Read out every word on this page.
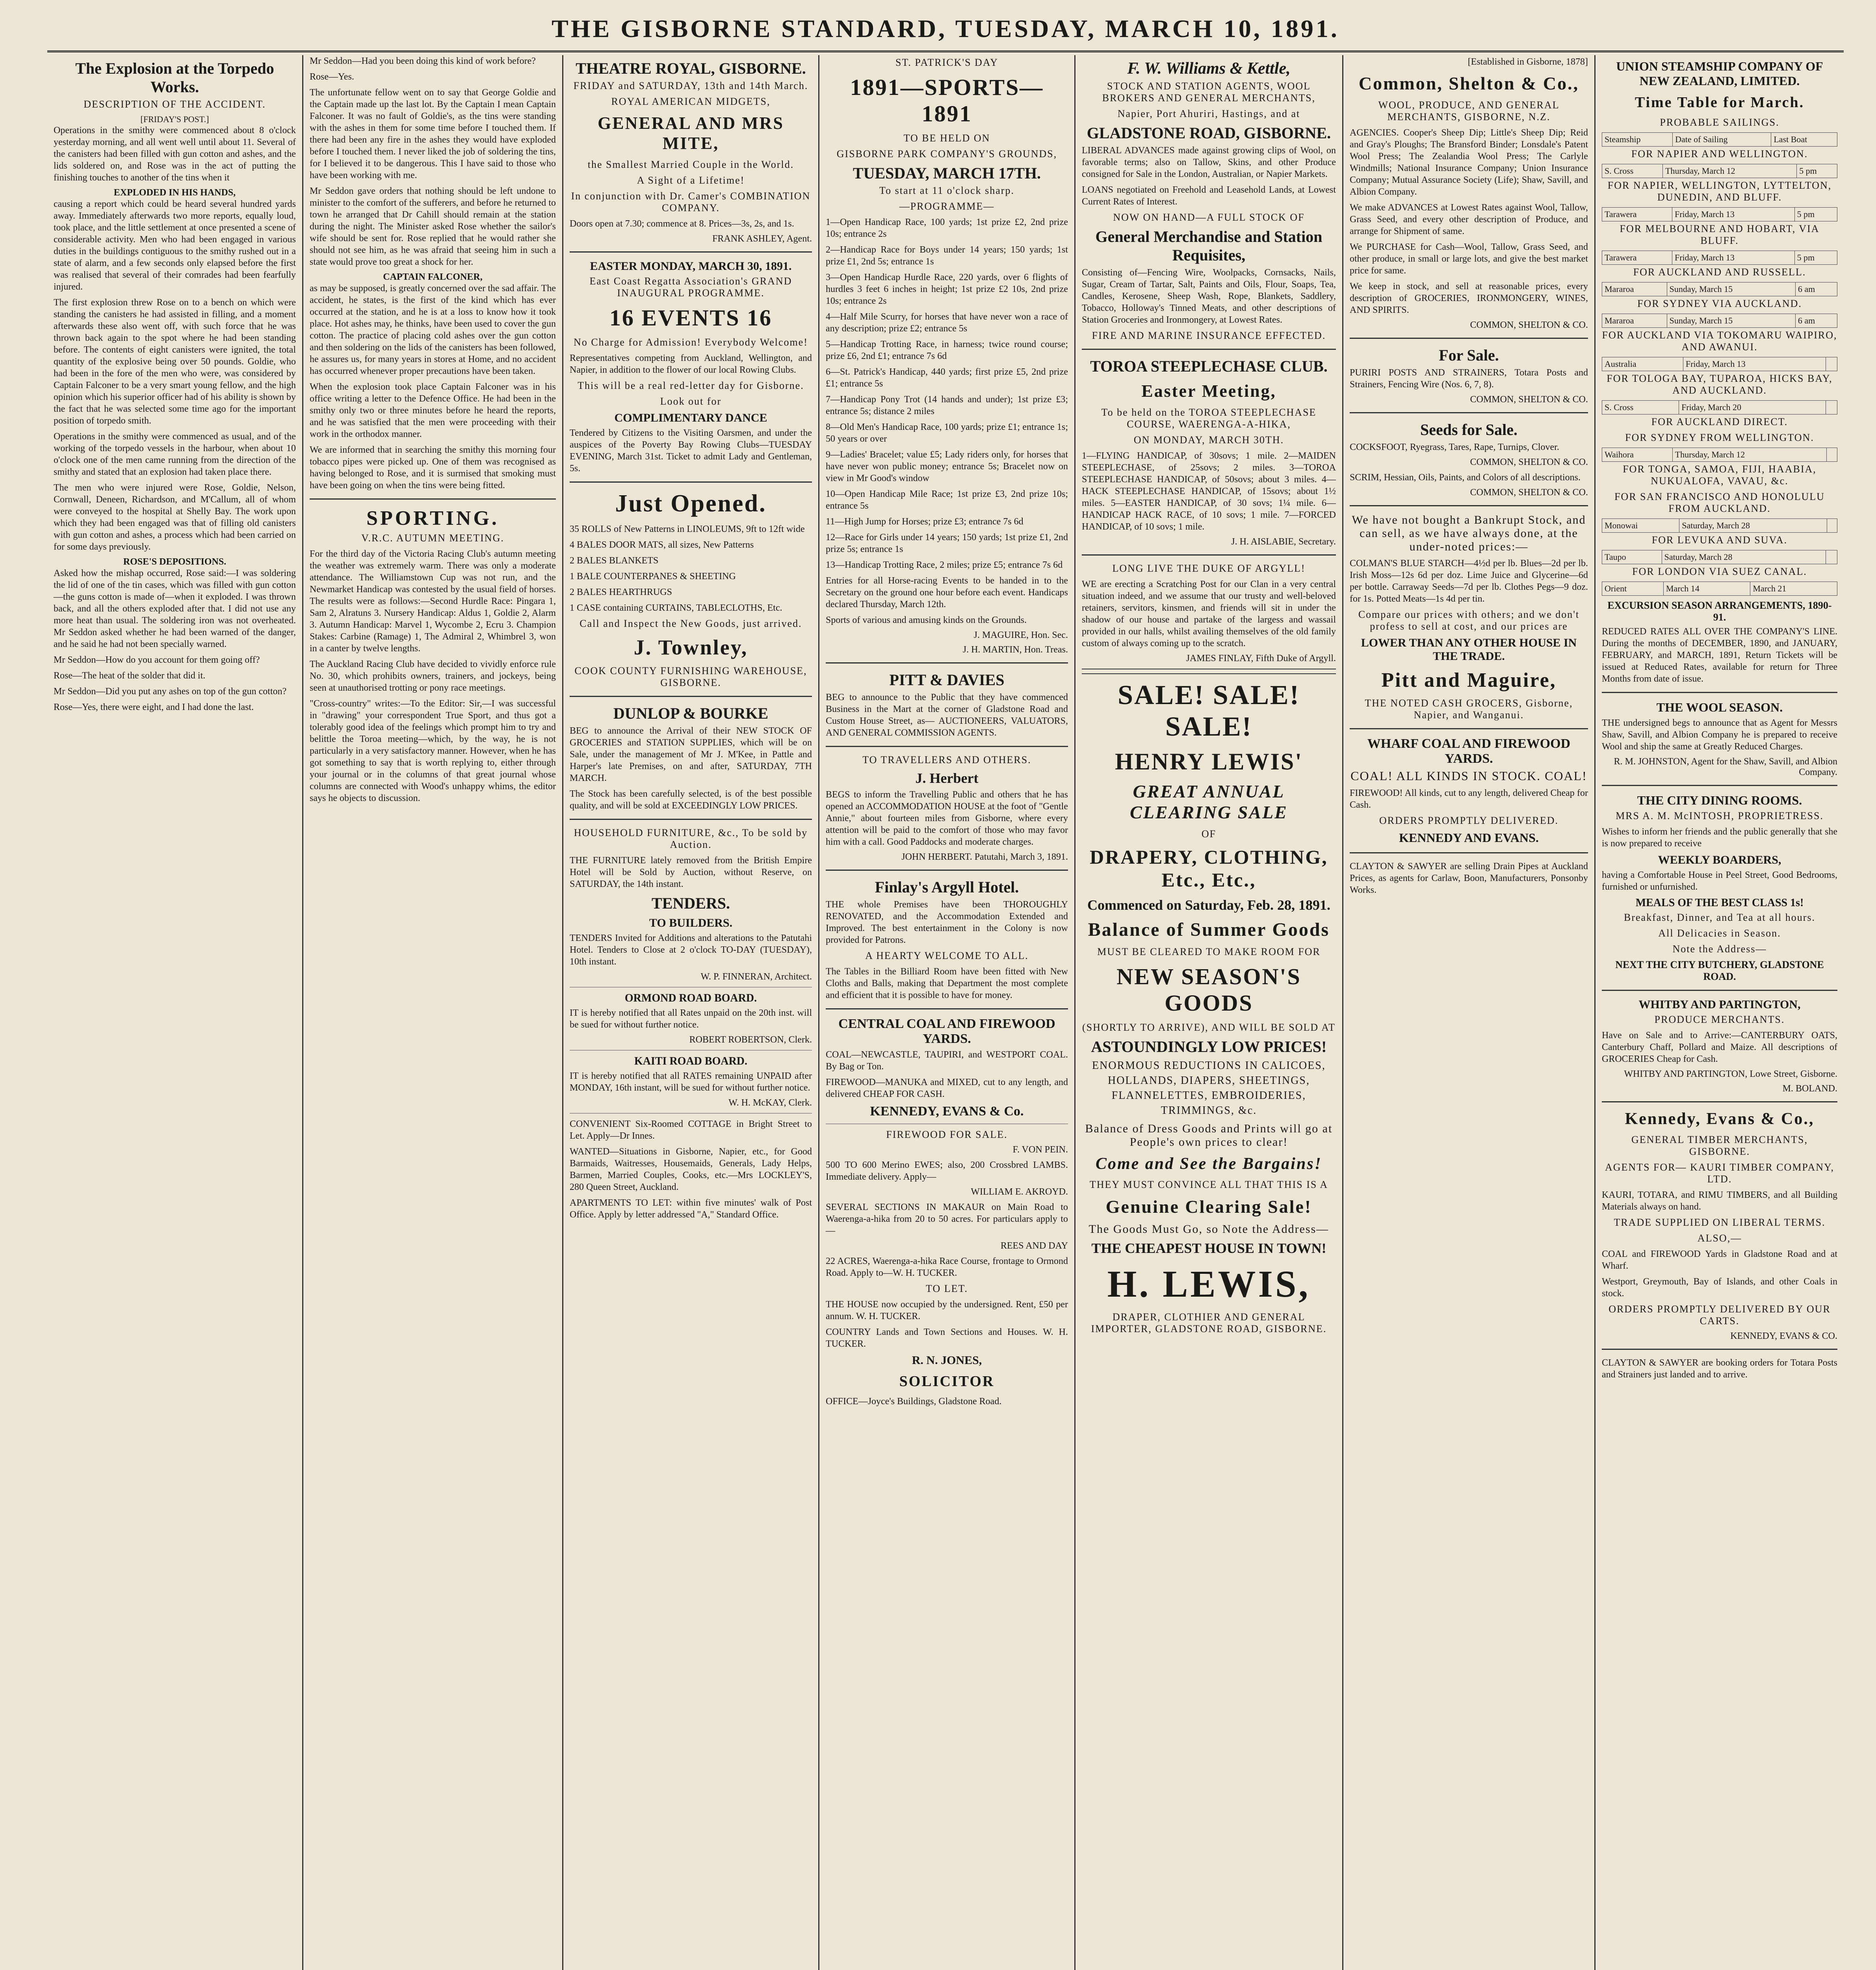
THE GISBORNE STANDARD, TUESDAY, MARCH 10, 1891.
The Explosion at the Torpedo Works.
DESCRIPTION OF THE ACCIDENT.
[FRIDAY'S POST.]

Operations in the smithy were commenced about 8 o'clock yesterday morning, and all went well until about 11. Several of the canisters had been filled with gun cotton and ashes, and the lids soldered on, and Rose was in the act of putting the finishing touches to another of the tins when it

EXPLODED IN HIS HANDS,

causing a report which could be heard several hundred yards away. Immediately afterwards two more reports, equally loud, took place, and the little settlement at once presented a scene of considerable activity. Men who had been engaged in various duties in the buildings contiguous to the smithy rushed out in a state of alarm, and a few seconds only elapsed before the first was realised that several of their comrades had been fearfully injured.

The first explosion threw Rose on to a bench on which were standing the canisters he had assisted in filling, and a moment afterwards these also went off, with such force that he was thrown back again to the spot where he had been standing before. The contents of eight canisters were ignited, the total quantity of the explosive being over 50 pounds. Goldie, who had been in the fore of the men who were, was considered by Captain Falconer to be a very smart young fellow, and the high opinion which his superior officer had of his ability is shown by the fact that he was selected some time ago for the important position of torpedo smith.

Operations in the smithy were commenced as usual, and of the working of the torpedo vessels in the harbour, when about 10 o'clock one of the men came running from the direction of the smithy and stated that an explosion had taken place there.

The men who were injured were Rose, Goldie, Nelson, Cornwall, Deneen, Richardson, and M'Callum, all of whom were conveyed to the hospital at Shelly Bay. The work upon which they had been engaged was that of filling old canisters with gun cotton and ashes, a process which had been carried on for some days previously.

ROSE'S DEPOSITIONS.

Asked how the mishap occurred, Rose said:—I was soldering the lid of one of the tin cases, which was filled with gun cotton—the guns cotton is made of—when it exploded. I was thrown back, and all the others exploded after that. I did not use any more heat than usual. The soldering iron was not overheated. Mr Seddon asked whether he had been warned of the danger, and he said he had not been specially warned.

Mr Seddon—How do you account for them going off?

Rose—The heat of the solder that did it.

Mr Seddon—Did you put any ashes on top of the gun cotton?

Rose—Yes, there were eight, and I had done the last.

Mr Seddon—Had you been doing this kind of work before?

Rose—Yes.

The unfortunate fellow went on to say that George Goldie and the Captain made up the last lot. By the Captain I mean Captain Falconer. It was no fault of Goldie's, as the tins were standing with the ashes in them for some time before I touched them. If there had been any fire in the ashes they would have exploded before I touched them. I never liked the job of soldering the tins, for I believed it to be dangerous. This I have said to those who have been working with me.

Mr Seddon gave orders that nothing should be left undone to minister to the comfort of the sufferers, and before he returned to town he arranged that Dr Cahill should remain at the station during the night. The Minister asked Rose whether the sailor's wife should be sent for. Rose replied that he would rather she should not see him, as he was afraid that seeing him in such a state would prove too great a shock for her.

CAPTAIN FALCONER,

as may be supposed, is greatly concerned over the sad affair. The accident, he states, is the first of the kind which has ever occurred at the station, and he is at a loss to know how it took place. Hot ashes may, he thinks, have been used to cover the gun cotton. The practice of placing cold ashes over the gun cotton and then soldering on the lids of the canisters has been followed, he assures us, for many years in stores at Home, and no accident has occurred whenever proper precautions have been taken.

When the explosion took place Captain Falconer was in his office writing a letter to the Defence Office. He had been in the smithy only two or three minutes before he heard the reports, and he was satisfied that the men were proceeding with their work in the orthodox manner.

We are informed that in searching the smithy this morning four tobacco pipes were picked up. One of them was recognised as having belonged to Rose, and it is surmised that smoking must have been going on when the tins were being fitted.

SPORTING.
V.R.C. AUTUMN MEETING.

For the third day of the Victoria Racing Club's autumn meeting the weather was extremely warm. There was only a moderate attendance. The Williamstown Cup was not run, and the Newmarket Handicap was contested by the usual field of horses. The results were as follows:—Second Hurdle Race: Pingara 1, Sam 2, Alratuns 3. Nursery Handicap: Aldus 1, Goldie 2, Alarm 3. Autumn Handicap: Marvel 1, Wycombe 2, Ecru 3. Champion Stakes: Carbine (Ramage) 1, The Admiral 2, Whimbrel 3, won in a canter by twelve lengths.

The Auckland Racing Club have decided to vividly enforce rule No. 30, which prohibits owners, trainers, and jockeys, being seen at unauthorised trotting or pony race meetings.

"Cross-country" writes:—To the Editor: Sir,—I was successful in "drawing" your correspondent True Sport, and thus got a tolerably good idea of the feelings which prompt him to try and belittle the Toroa meeting—which, by the way, he is not particularly in a very satisfactory manner. However, when he has got something to say that is worth replying to, either through your journal or in the columns of that great journal whose columns are connected with Wood's unhappy whims, the editor says he objects to discussion.

THEATRE ROYAL, GISBORNE.
FRIDAY and SATURDAY, 13th and 14th March.
ROYAL AMERICAN MIDGETS,
GENERAL AND MRS MITE,
the Smallest Married Couple in the World.
A Sight of a Lifetime!
In conjunction with Dr. Camer's COMBINATION COMPANY.

Doors open at 7.30; commence at 8. Prices—3s, 2s, and 1s.

FRANK ASHLEY, Agent.
EASTER MONDAY, MARCH 30, 1891.
East Coast Regatta Association's GRAND INAUGURAL PROGRAMME.
16 EVENTS 16
No Charge for Admission! Everybody Welcome!

Representatives competing from Auckland, Wellington, and Napier, in addition to the flower of our local Rowing Clubs.

This will be a real red-letter day for Gisborne.
Look out for
COMPLIMENTARY DANCE

Tendered by Citizens to the Visiting Oarsmen, and under the auspices of the Poverty Bay Rowing Clubs—TUESDAY EVENING, March 31st. Ticket to admit Lady and Gentleman, 5s.

Just Opened.

35 ROLLS of New Patterns in LINOLEUMS, 9ft to 12ft wide

4 BALES DOOR MATS, all sizes, New Patterns

2 BALES BLANKETS

1 BALE COUNTERPANES & SHEETING

2 BALES HEARTHRUGS

1 CASE containing CURTAINS, TABLECLOTHS, Etc.

Call and Inspect the New Goods, just arrived.
J. Townley,
COOK COUNTY FURNISHING WAREHOUSE, GISBORNE.
DUNLOP & BOURKE

BEG to announce the Arrival of their NEW STOCK OF GROCERIES and STATION SUPPLIES, which will be on Sale, under the management of Mr J. M'Kee, in Pattle and Harper's late Premises, on and after, SATURDAY, 7TH MARCH.

The Stock has been carefully selected, is of the best possible quality, and will be sold at EXCEEDINGLY LOW PRICES.

HOUSEHOLD FURNITURE, &c., To be sold by Auction.

THE FURNITURE lately removed from the British Empire Hotel will be Sold by Auction, without Reserve, on SATURDAY, the 14th instant.

TENDERS.
TO BUILDERS.

TENDERS Invited for Additions and alterations to the Patutahi Hotel. Tenders to Close at 2 o'clock TO-DAY (TUESDAY), 10th instant.

W. P. FINNERAN, Architect.
ORMOND ROAD BOARD.

IT is hereby notified that all Rates unpaid on the 20th inst. will be sued for without further notice.

ROBERT ROBERTSON, Clerk.
KAITI ROAD BOARD.

IT is hereby notified that all RATES remaining UNPAID after MONDAY, 16th instant, will be sued for without further notice.

W. H. McKAY, Clerk.

CONVENIENT Six-Roomed COTTAGE in Bright Street to Let. Apply—Dr Innes.

WANTED—Situations in Gisborne, Napier, etc., for Good Barmaids, Waitresses, Housemaids, Generals, Lady Helps, Barmen, Married Couples, Cooks, etc.—Mrs LOCKLEY'S, 280 Queen Street, Auckland.

APARTMENTS TO LET: within five minutes' walk of Post Office. Apply by letter addressed "A," Standard Office.

ST. PATRICK'S DAY
1891—SPORTS—1891
TO BE HELD ON
GISBORNE PARK COMPANY'S GROUNDS,
TUESDAY, MARCH 17TH.
To start at 11 o'clock sharp.
—PROGRAMME—

1—Open Handicap Race, 100 yards; 1st prize £2, 2nd prize 10s; entrance 2s

2—Handicap Race for Boys under 14 years; 150 yards; 1st prize £1, 2nd 5s; entrance 1s

3—Open Handicap Hurdle Race, 220 yards, over 6 flights of hurdles 3 feet 6 inches in height; 1st prize £2 10s, 2nd prize 10s; entrance 2s

4—Half Mile Scurry, for horses that have never won a race of any description; prize £2; entrance 5s

5—Handicap Trotting Race, in harness; twice round course; prize £6, 2nd £1; entrance 7s 6d

6—St. Patrick's Handicap, 440 yards; first prize £5, 2nd prize £1; entrance 5s

7—Handicap Pony Trot (14 hands and under); 1st prize £3; entrance 5s; distance 2 miles

8—Old Men's Handicap Race, 100 yards; prize £1; entrance 1s; 50 years or over

9—Ladies' Bracelet; value £5; Lady riders only, for horses that have never won public money; entrance 5s; Bracelet now on view in Mr Good's window

10—Open Handicap Mile Race; 1st prize £3, 2nd prize 10s; entrance 5s

11—High Jump for Horses; prize £3; entrance 7s 6d

12—Race for Girls under 14 years; 150 yards; 1st prize £1, 2nd prize 5s; entrance 1s

13—Handicap Trotting Race, 2 miles; prize £5; entrance 7s 6d

Entries for all Horse-racing Events to be handed in to the Secretary on the ground one hour before each event. Handicaps declared Thursday, March 12th.

Sports of various and amusing kinds on the Grounds.

J. MAGUIRE, Hon. Sec.
J. H. MARTIN, Hon. Treas.
PITT & DAVIES

BEG to announce to the Public that they have commenced Business in the Mart at the corner of Gladstone Road and Custom House Street, as— AUCTIONEERS, VALUATORS, AND GENERAL COMMISSION AGENTS.

TO TRAVELLERS AND OTHERS.
J. Herbert

BEGS to inform the Travelling Public and others that he has opened an ACCOMMODATION HOUSE at the foot of "Gentle Annie," about fourteen miles from Gisborne, where every attention will be paid to the comfort of those who may favor him with a call. Good Paddocks and moderate charges.

JOHN HERBERT. Patutahi, March 3, 1891.
Finlay's Argyll Hotel.

THE whole Premises have been THOROUGHLY RENOVATED, and the Accommodation Extended and Improved. The best entertainment in the Colony is now provided for Patrons.

A HEARTY WELCOME TO ALL.

The Tables in the Billiard Room have been fitted with New Cloths and Balls, making that Department the most complete and efficient that it is possible to have for money.

CENTRAL COAL AND FIREWOOD YARDS.

COAL—NEWCASTLE, TAUPIRI, and WESTPORT COAL. By Bag or Ton.

FIREWOOD—MANUKA and MIXED, cut to any length, and delivered CHEAP FOR CASH.

KENNEDY, EVANS & Co.
FIREWOOD FOR SALE.
F. VON PEIN.

500 TO 600 Merino EWES; also, 200 Crossbred LAMBS. Immediate delivery. Apply—

WILLIAM E. AKROYD.

SEVERAL SECTIONS IN MAKAUR on Main Road to Waerenga-a-hika from 20 to 50 acres. For particulars apply to—

REES AND DAY

22 ACRES, Waerenga-a-hika Race Course, frontage to Ormond Road. Apply to—W. H. TUCKER.

TO LET.

THE HOUSE now occupied by the undersigned. Rent, £50 per annum. W. H. TUCKER.

COUNTRY Lands and Town Sections and Houses. W. H. TUCKER.

R. N. JONES,
SOLICITOR

OFFICE—Joyce's Buildings, Gladstone Road.

F. W. Williams & Kettle,
STOCK AND STATION AGENTS, WOOL BROKERS AND GENERAL MERCHANTS,
Napier, Port Ahuriri, Hastings, and at
GLADSTONE ROAD, GISBORNE.

LIBERAL ADVANCES made against growing clips of Wool, on favorable terms; also on Tallow, Skins, and other Produce consigned for Sale in the London, Australian, or Napier Markets.

LOANS negotiated on Freehold and Leasehold Lands, at Lowest Current Rates of Interest.

NOW ON HAND—A FULL STOCK OF
General Merchandise and Station Requisites,

Consisting of—Fencing Wire, Woolpacks, Cornsacks, Nails, Sugar, Cream of Tartar, Salt, Paints and Oils, Flour, Soaps, Tea, Candles, Kerosene, Sheep Wash, Rope, Blankets, Saddlery, Tobacco, Holloway's Tinned Meats, and other descriptions of Station Groceries and Ironmongery, at Lowest Rates.

FIRE AND MARINE INSURANCE EFFECTED.
TOROA STEEPLECHASE CLUB.
Easter Meeting,
To be held on the TOROA STEEPLECHASE COURSE, WAERENGA-A-HIKA,
ON MONDAY, MARCH 30TH.

1—FLYING HANDICAP, of 30sovs; 1 mile. 2—MAIDEN STEEPLECHASE, of 25sovs; 2 miles. 3—TOROA STEEPLECHASE HANDICAP, of 50sovs; about 3 miles. 4—HACK STEEPLECHASE HANDICAP, of 15sovs; about 1½ miles. 5—EASTER HANDICAP, of 30 sovs; 1¼ mile. 6—HANDICAP HACK RACE, of 10 sovs; 1 mile. 7—FORCED HANDICAP, of 10 sovs; 1 mile.

J. H. AISLABIE, Secretary.
LONG LIVE THE DUKE OF ARGYLL!

WE are erecting a Scratching Post for our Clan in a very central situation indeed, and we assume that our trusty and well-beloved retainers, servitors, kinsmen, and friends will sit in under the shadow of our house and partake of the largess and wassail provided in our halls, whilst availing themselves of the old family custom of always coming up to the scratch.

JAMES FINLAY, Fifth Duke of Argyll.
SALE! SALE! SALE!
HENRY LEWIS'
GREAT ANNUAL CLEARING SALE
OF
DRAPERY, CLOTHING, Etc., Etc.,
Commenced on Saturday, Feb. 28, 1891.
Balance of Summer Goods
MUST BE CLEARED TO MAKE ROOM FOR
NEW SEASON'S GOODS
(SHORTLY TO ARRIVE), AND WILL BE SOLD AT
ASTOUNDINGLY LOW PRICES!
ENORMOUS REDUCTIONS IN CALICOES, HOLLANDS, DIAPERS, SHEETINGS, FLANNELETTES, EMBROIDERIES, TRIMMINGS, &c.
Balance of Dress Goods and Prints will go at People's own prices to clear!
Come and See the Bargains!
THEY MUST CONVINCE ALL THAT THIS IS A
Genuine Clearing Sale!
The Goods Must Go, so Note the Address—
THE CHEAPEST HOUSE IN TOWN!
H. LEWIS,
DRAPER, CLOTHIER AND GENERAL IMPORTER, GLADSTONE ROAD, GISBORNE.
[Established in Gisborne, 1878]
Common, Shelton & Co.,
WOOL, PRODUCE, AND GENERAL MERCHANTS, GISBORNE, N.Z.

AGENCIES. Cooper's Sheep Dip; Little's Sheep Dip; Reid and Gray's Ploughs; The Bransford Binder; Lonsdale's Patent Wool Press; The Zealandia Wool Press; The Carlyle Windmills; National Insurance Company; Union Insurance Company; Mutual Assurance Society (Life); Shaw, Savill, and Albion Company.

We make ADVANCES at Lowest Rates against Wool, Tallow, Grass Seed, and every other description of Produce, and arrange for Shipment of same.

We PURCHASE for Cash—Wool, Tallow, Grass Seed, and other produce, in small or large lots, and give the best market price for same.

We keep in stock, and sell at reasonable prices, every description of GROCERIES, IRONMONGERY, WINES, AND SPIRITS.

COMMON, SHELTON & CO.
For Sale.

PURIRI POSTS AND STRAINERS, Totara Posts and Strainers, Fencing Wire (Nos. 6, 7, 8).

COMMON, SHELTON & CO.
Seeds for Sale.

COCKSFOOT, Ryegrass, Tares, Rape, Turnips, Clover.

COMMON, SHELTON & CO.

SCRIM, Hessian, Oils, Paints, and Colors of all descriptions.

COMMON, SHELTON & CO.
We have not bought a Bankrupt Stock, and can sell, as we have always done, at the under-noted prices:—

COLMAN'S BLUE STARCH—4½d per lb. Blues—2d per lb. Irish Moss—12s 6d per doz. Lime Juice and Glycerine—6d per bottle. Carraway Seeds—7d per lb. Clothes Pegs—9 doz. for 1s. Potted Meats—1s 4d per tin.

Compare our prices with others; and we don't profess to sell at cost, and our prices are
LOWER THAN ANY OTHER HOUSE IN THE TRADE.
Pitt and Maguire,
THE NOTED CASH GROCERS, Gisborne, Napier, and Wanganui.
WHARF COAL AND FIREWOOD YARDS.
COAL! ALL KINDS IN STOCK. COAL!

FIREWOOD! All kinds, cut to any length, delivered Cheap for Cash.

ORDERS PROMPTLY DELIVERED.
KENNEDY AND EVANS.

CLAYTON & SAWYER are selling Drain Pipes at Auckland Prices, as agents for Carlaw, Boon, Manufacturers, Ponsonby Works.

UNION STEAMSHIP COMPANY OF NEW ZEALAND, LIMITED.
Time Table for March.
PROBABLE SAILINGS.
Steamship	Date of Sailing	Last Boat
FOR NAPIER AND WELLINGTON.
S. Cross	Thursday, March 12	5 pm
FOR NAPIER, WELLINGTON, LYTTELTON, DUNEDIN, AND BLUFF.
Tarawera	Friday, March 13	5 pm
FOR MELBOURNE AND HOBART, VIA BLUFF.
Tarawera	Friday, March 13	5 pm
FOR AUCKLAND AND RUSSELL.
Mararoa	Sunday, March 15	6 am
FOR SYDNEY VIA AUCKLAND.
Mararoa	Sunday, March 15	6 am
FOR AUCKLAND VIA TOKOMARU WAIPIRO, AND AWANUI.
Australia	Friday, March 13	
FOR TOLOGA BAY, TUPAROA, HICKS BAY, AND AUCKLAND.
S. Cross	Friday, March 20	
FOR AUCKLAND DIRECT.
FOR SYDNEY FROM WELLINGTON.
Waihora	Thursday, March 12	
FOR TONGA, SAMOA, FIJI, HAABIA, NUKUALOFA, VAVAU, &c.
FOR SAN FRANCISCO AND HONOLULU FROM AUCKLAND.
Monowai	Saturday, March 28	
FOR LEVUKA AND SUVA.
Taupo	Saturday, March 28	
FOR LONDON VIA SUEZ CANAL.
Orient	March 14	March 21
EXCURSION SEASON ARRANGEMENTS, 1890-91.

REDUCED RATES ALL OVER THE COMPANY'S LINE. During the months of DECEMBER, 1890, and JANUARY, FEBRUARY, and MARCH, 1891, Return Tickets will be issued at Reduced Rates, available for return for Three Months from date of issue.

THE WOOL SEASON.

THE undersigned begs to announce that as Agent for Messrs Shaw, Savill, and Albion Company he is prepared to receive Wool and ship the same at Greatly Reduced Charges.

R. M. JOHNSTON, Agent for the Shaw, Savill, and Albion Company.
THE CITY DINING ROOMS.
MRS A. M. McINTOSH, PROPRIETRESS.

Wishes to inform her friends and the public generally that she is now prepared to receive

WEEKLY BOARDERS,

having a Comfortable House in Peel Street, Good Bedrooms, furnished or unfurnished.

MEALS OF THE BEST CLASS 1s!
Breakfast, Dinner, and Tea at all hours.
All Delicacies in Season.
Note the Address—
NEXT THE CITY BUTCHERY, GLADSTONE ROAD.
WHITBY AND PARTINGTON,
PRODUCE MERCHANTS.

Have on Sale and to Arrive:—CANTERBURY OATS, Canterbury Chaff, Pollard and Maize. All descriptions of GROCERIES Cheap for Cash.

WHITBY AND PARTINGTON, Lowe Street, Gisborne.
M. BOLAND.
Kennedy, Evans & Co.,
GENERAL TIMBER MERCHANTS, GISBORNE.
AGENTS FOR— KAURI TIMBER COMPANY, LTD.

KAURI, TOTARA, and RIMU TIMBERS, and all Building Materials always on hand.

TRADE SUPPLIED ON LIBERAL TERMS.
ALSO,—

COAL and FIREWOOD Yards in Gladstone Road and at Wharf.

Westport, Greymouth, Bay of Islands, and other Coals in stock.

ORDERS PROMPTLY DELIVERED BY OUR CARTS.
KENNEDY, EVANS & CO.

CLAYTON & SAWYER are booking orders for Totara Posts and Strainers just landed and to arrive.
